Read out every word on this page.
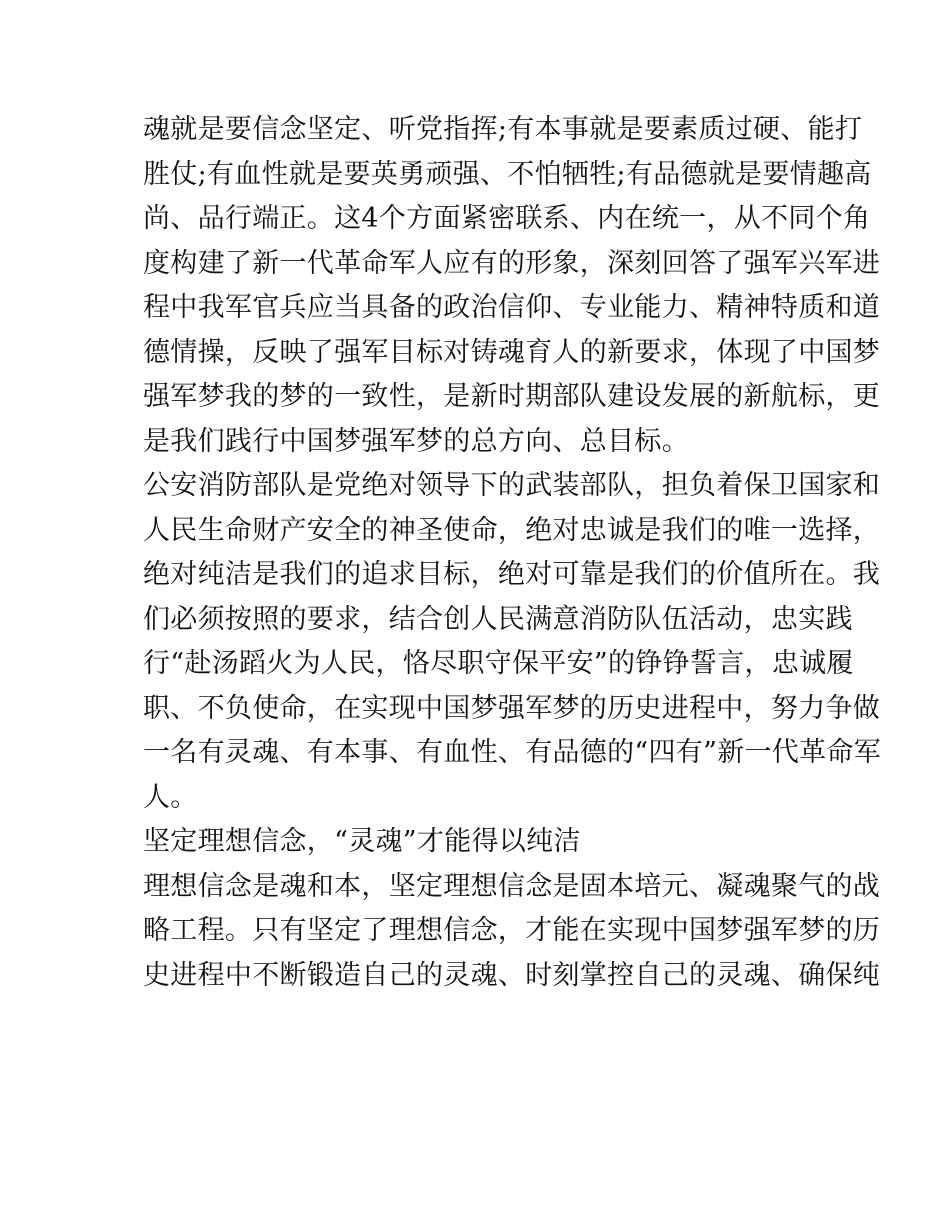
魂就是要信念坚定、听党指挥;有本事就是要素质过硬、能打
胜仗;有血性就是要英勇顽强、不怕牺牲;有品德就是要情趣高
尚、品行端正。这4个方面紧密联系、内在统一，从不同个角
度构建了新一代革命军人应有的形象，深刻回答了强军兴军进
程中我军官兵应当具备的政治信仰、专业能力、精神特质和道
德情操，反映了强军目标对铸魂育人的新要求，体现了中国梦
强军梦我的梦的一致性，是新时期部队建设发展的新航标，更
是我们践行中国梦强军梦的总方向、总目标。
公安消防部队是党绝对领导下的武装部队，担负着保卫国家和
人民生命财产安全的神圣使命，绝对忠诚是我们的唯一选择，
绝对纯洁是我们的追求目标，绝对可靠是我们的价值所在。我
们必须按照的要求，结合创人民满意消防队伍活动，忠实践
行“赴汤蹈火为人民，恪尽职守保平安”的铮铮誓言，忠诚履
职、不负使命，在实现中国梦强军梦的历史进程中，努力争做
一名有灵魂、有本事、有血性、有品德的“四有”新一代革命军
人。
坚定理想信念，“灵魂”才能得以纯洁
理想信念是魂和本，坚定理想信念是固本培元、凝魂聚气的战
略工程。只有坚定了理想信念，才能在实现中国梦强军梦的历
史进程中不断锻造自己的灵魂、时刻掌控自己的灵魂、确保纯
